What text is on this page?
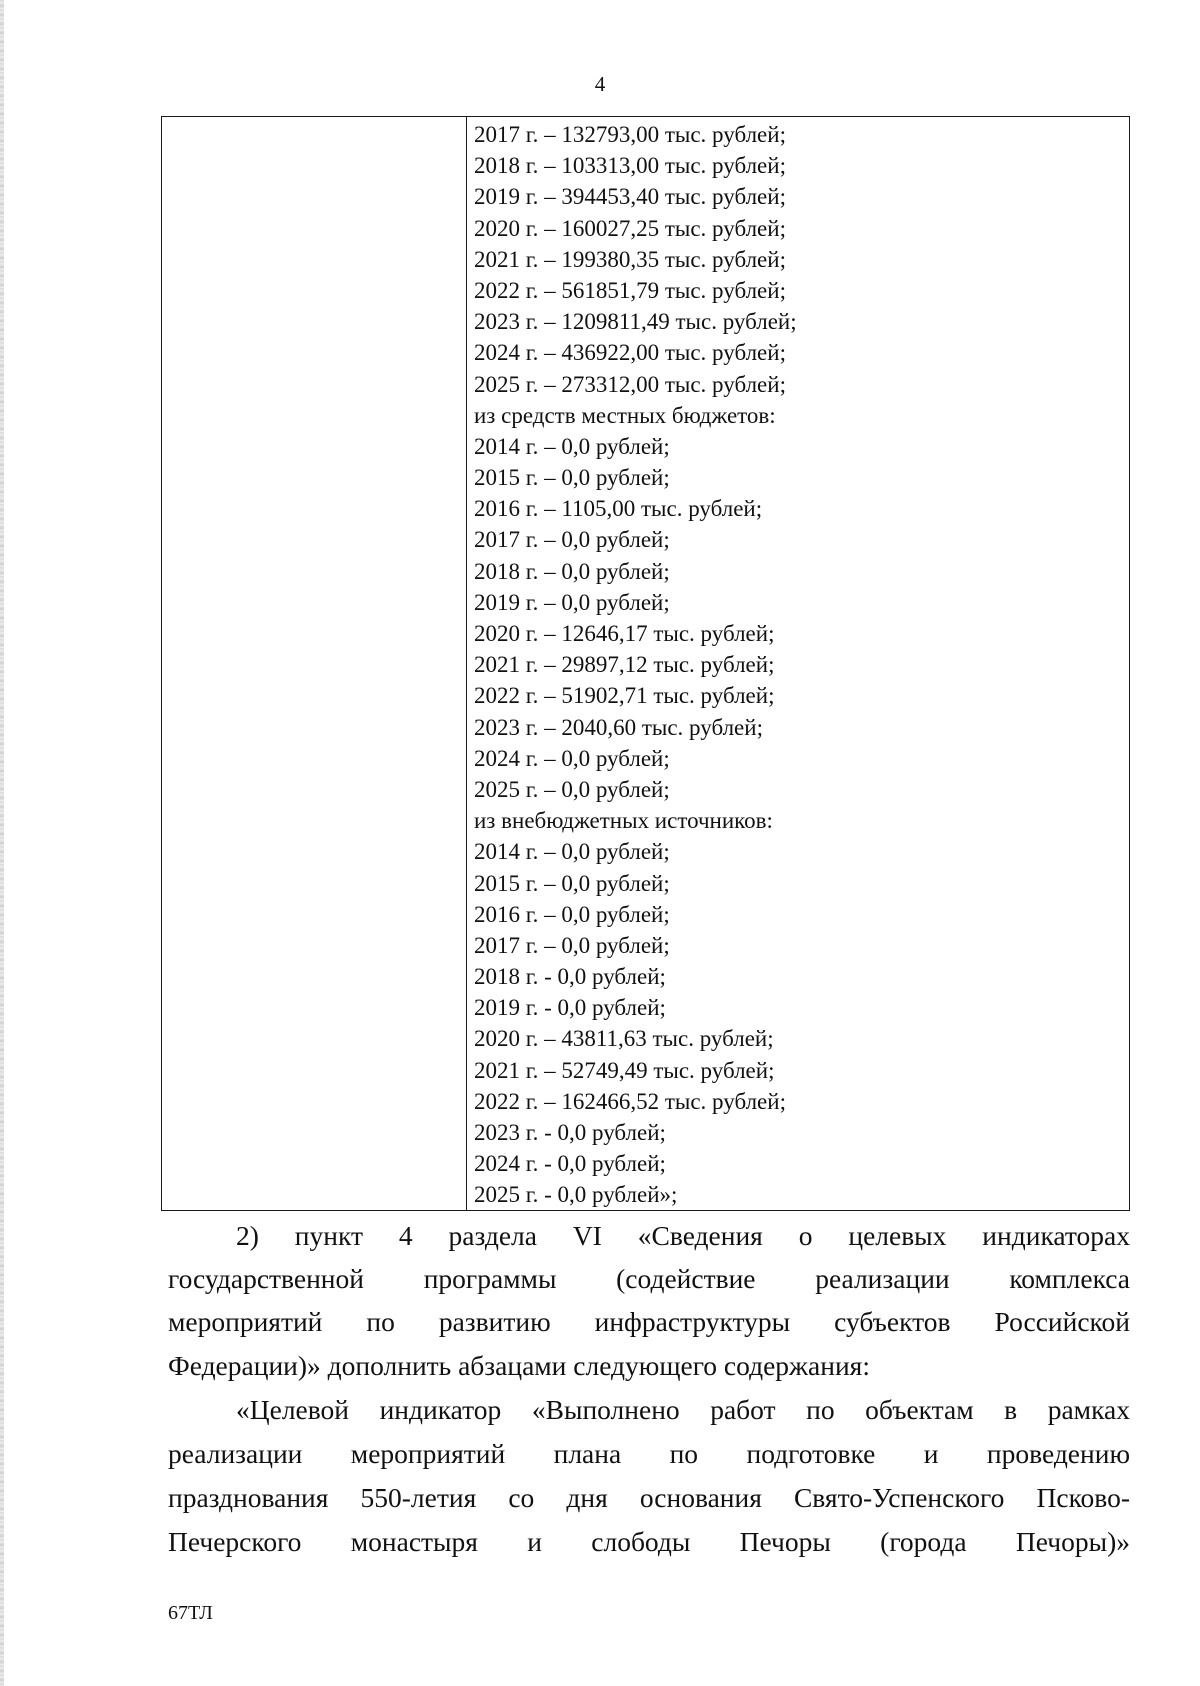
4
2017 г. – 132793,00 тыс. рублей;
2018 г. – 103313,00 тыс. рублей;
2019 г. – 394453,40 тыс. рублей;
2020 г. – 160027,25 тыс. рублей;
2021 г. – 199380,35 тыс. рублей;
2022 г. – 561851,79 тыс. рублей;
2023 г. – 1209811,49 тыс. рублей;
2024 г. – 436922,00 тыс. рублей;
2025 г. – 273312,00 тыс. рублей;
из средств местных бюджетов:
2014 г. – 0,0 рублей;
2015 г. – 0,0 рублей;
2016 г. – 1105,00 тыс. рублей;
2017 г. – 0,0 рублей;
2018 г. – 0,0 рублей;
2019 г. – 0,0 рублей;
2020 г. – 12646,17 тыс. рублей;
2021 г. – 29897,12 тыс. рублей;
2022 г. – 51902,71 тыс. рублей;
2023 г. – 2040,60 тыс. рублей;
2024 г. – 0,0 рублей;
2025 г. – 0,0 рублей;
из внебюджетных источников:
2014 г. – 0,0 рублей;
2015 г. – 0,0 рублей;
2016 г. – 0,0 рублей;
2017 г. – 0,0 рублей;
2018 г. - 0,0 рублей;
2019 г. - 0,0 рублей;
2020 г. – 43811,63 тыс. рублей;
2021 г. – 52749,49 тыс. рублей;
2022 г. – 162466,52 тыс. рублей;
2023 г. - 0,0 рублей;
2024 г. - 0,0 рублей;
2025 г. - 0,0 рублей»;
2) пункт 4 раздела VI «Сведения о целевых индикаторах
государственной программы (содействие реализации комплекса
мероприятий по развитию инфраструктуры субъектов Российской
Федерации)» дополнить абзацами следующего содержания:
«Целевой индикатор «Выполнено работ по объектам в рамках
реализации мероприятий плана по подготовке и проведению
празднования 550-летия со дня основания Свято-Успенского Псково-
Печерского монастыря и слободы Печоры (города Печоры)»
67ТЛ
